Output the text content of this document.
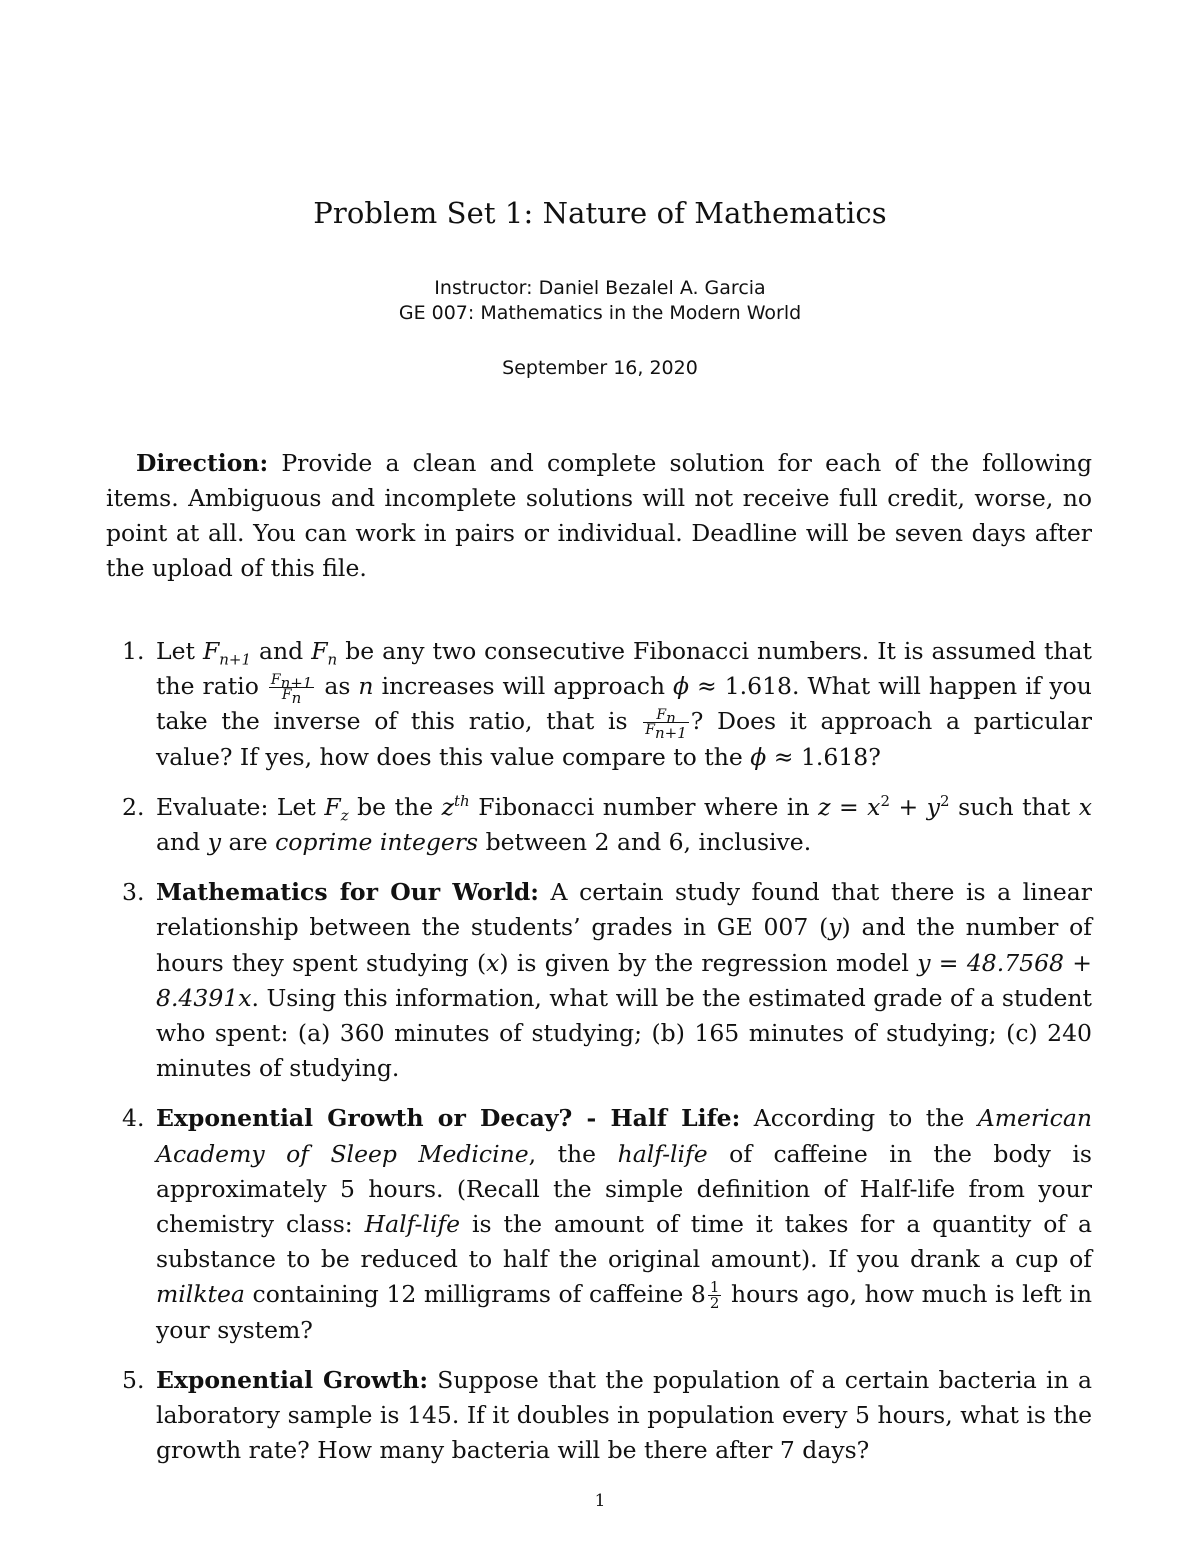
Problem Set 1: Nature of Mathematics
Instructor: Daniel Bezalel A. Garcia
GE 007: Mathematics in the Modern World
September 16, 2020
Direction: Provide a clean and complete solution for each of the following items. Ambiguous and incomplete solutions will not receive full credit, worse, no point at all. You can work in pairs or individual. Deadline will be seven days after the upload of this file.
1. Let $F_{n+1}$ and $F_n$ be any two consecutive Fibonacci numbers. It is assumed that the ratio $\frac{F_{n+1}}{F_n}$ as n increases will approach ϕ ≈ 1.618. What will happen if you take the inverse of this ratio, that is $\frac{F_n}{F_{n+1}}$ ? Does it approach a particular value? If yes, how does this value compare to the ϕ ≈ 1.618?
2. Evaluate: Let $F_z$ be the $z^{th}$ Fibonacci number where in $z = x^2 + y^2$ such that x and y are coprime integers between 2 and 6, inclusive.
3. Mathematics for Our World: A certain study found that there is a linear relationship between the students’ grades in GE 007 (y) and the number of hours they spent studying (x) is given by the regression model y = 48.7568 + 8.4391x. Using this information, what will be the estimated grade of a student who spent: (a) 360 minutes of studying; (b) 165 minutes of studying; (c) 240 minutes of studying.
4. Exponential Growth or Decay? - Half Life: According to the American Academy of Sleep Medicine, the half-life of caffeine in the body is approximately 5 hours. (Recall the simple definition of Half-life from your chemistry class: Half-life is the amount of time it takes for a quantity of a substance to be reduced to half the original amount). If you drank a cup of milktea containing 12 milligrams of caffeine $8 \frac{1}{2}$ hours ago, how much is left in your system?
5. Exponential Growth: Suppose that the population of a certain bacteria in a laboratory sample is 145. If it doubles in population every 5 hours, what is the growth rate? How many bacteria will be there after 7 days?
1
